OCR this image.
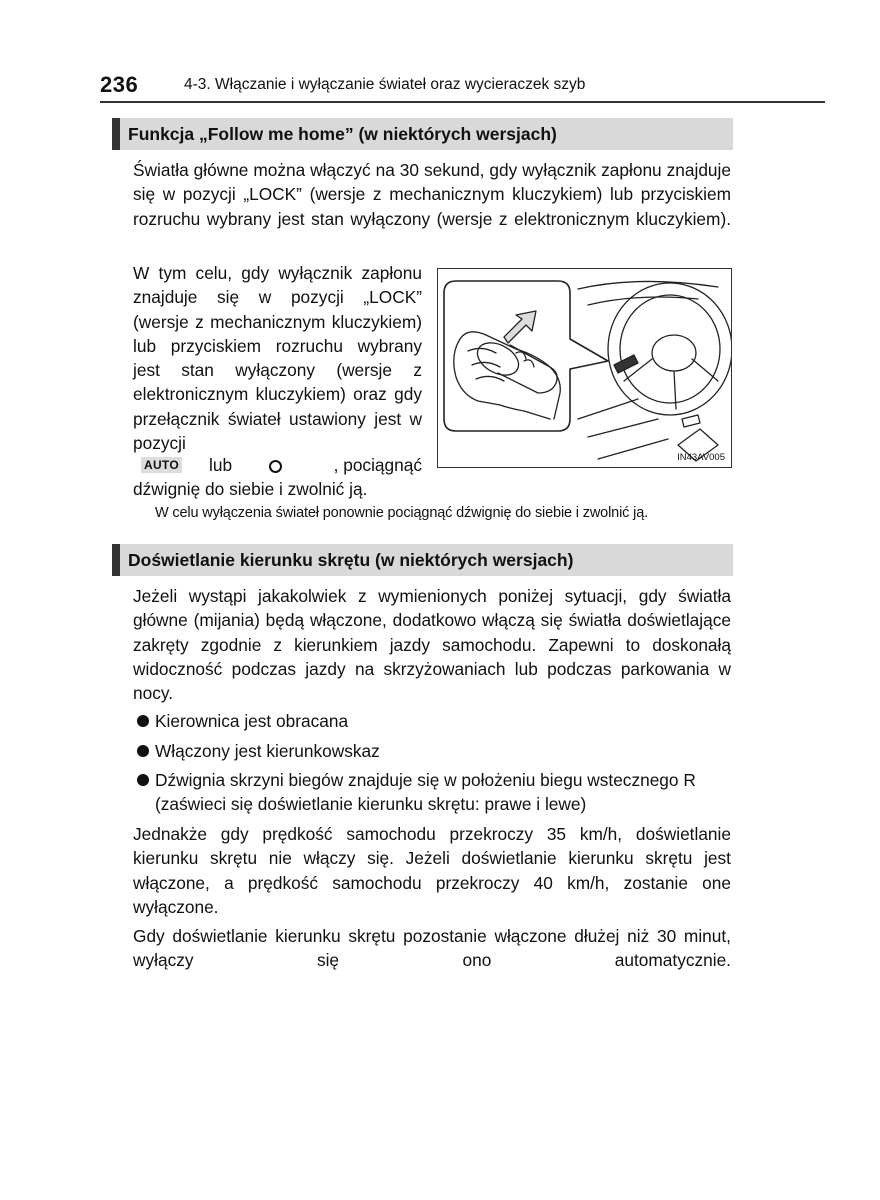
236	4-3. Włączanie i wyłączanie świateł oraz wycieraczek szyb
Funkcja „Follow me home” (w niektórych wersjach)
Światła główne można włączyć na 30 sekund, gdy wyłącznik zapłonu znajduje się w pozycji „LOCK” (wersje z mechanicznym kluczykiem) lub przyciskiem rozruchu wybrany jest stan wyłączony (wersje z elektronicznym kluczykiem).
W tym celu, gdy wyłącznik zapłonu znajduje się w pozycji „LOCK” (wersje z mechanicznym kluczykiem) lub przyciskiem rozruchu wybrany jest stan wyłączony (wersje z elektronicznym kluczykiem) oraz gdy przełącznik świateł ustawiony jest w pozycji
AUTO lub	, pociągnąć
dźwignię do siebie i zwolnić ją.
IN43AV005
W celu wyłączenia świateł ponownie pociągnąć dźwignię do siebie i zwolnić ją.
Doświetlanie kierunku skrętu (w niektórych wersjach)
Jeżeli wystąpi jakakolwiek z wymienionych poniżej sytuacji, gdy światła główne (mijania) będą włączone, dodatkowo włączą się światła doświetlające zakręty zgodnie z kierunkiem jazdy samochodu. Zapewni to doskonałą widoczność podczas jazdy na skrzyżowaniach lub podczas parkowania w nocy.
Kierownica jest obracana
Włączony jest kierunkowskaz
Dźwignia skrzyni biegów znajduje się w położeniu biegu wstecznego R (zaświeci się doświetlanie kierunku skrętu: prawe i lewe)
Jednakże gdy prędkość samochodu przekroczy 35 km/h, doświetlanie kierunku skrętu nie włączy się. Jeżeli doświetlanie kierunku skrętu jest włączone, a prędkość samochodu przekroczy 40 km/h, zostanie one wyłączone.
Gdy doświetlanie kierunku skrętu pozostanie włączone dłużej niż 30 minut, wyłączy się ono automatycznie.
